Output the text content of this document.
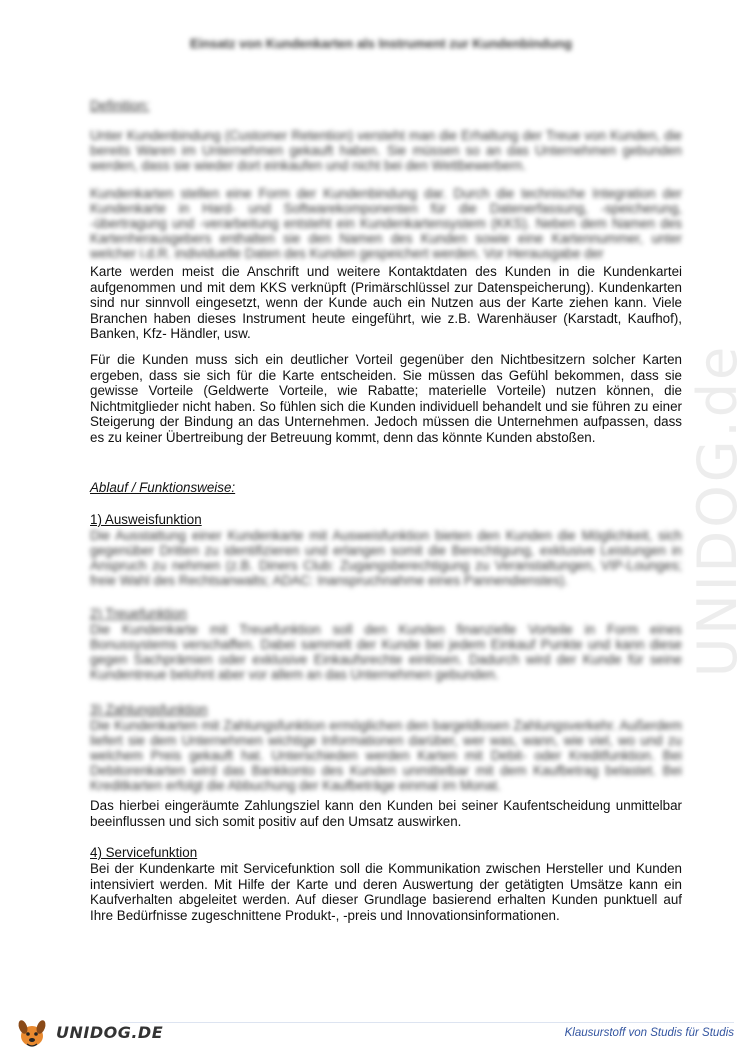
UNIDOG.de
Einsatz von Kundenkarten als Instrument zur Kundenbindung
Definition:
Unter Kundenbindung (Customer Retention) versteht man die Erhaltung der Treue von Kunden, die bereits Waren im Unternehmen gekauft haben. Sie müssen so an das Unternehmen gebunden werden, dass sie wieder dort einkaufen und nicht bei den Wettbewerbern.
Kundenkarten stellen eine Form der Kundenbindung dar. Durch die technische Integration der Kundenkarte in Hard- und Softwarekomponenten für die Datenerfassung, -speicherung, -übertragung und -verarbeitung entsteht ein Kundenkartensystem (KKS). Neben dem Namen des Kartenherausgebers enthalten sie den Namen des Kunden sowie eine Kartennummer, unter welcher i.d.R. individuelle Daten des Kunden gespeichert werden. Vor Herausgabe der
Karte werden meist die Anschrift und weitere Kontaktdaten des Kunden in die Kundenkartei aufgenommen und mit dem KKS verknüpft (Primärschlüssel zur Datenspeicherung). Kundenkarten sind nur sinnvoll eingesetzt, wenn der Kunde auch ein Nutzen aus der Karte ziehen kann. Viele Branchen haben dieses Instrument heute eingeführt, wie z.B. Warenhäuser (Karstadt, Kaufhof), Banken, Kfz- Händler, usw.
Für die Kunden muss sich ein deutlicher Vorteil gegenüber den Nichtbesitzern solcher Karten ergeben, dass sie sich für die Karte entscheiden. Sie müssen das Gefühl bekommen, dass sie gewisse Vorteile (Geldwerte Vorteile, wie Rabatte; materielle Vorteile) nutzen können, die Nichtmitglieder nicht haben. So fühlen sich die Kunden individuell behandelt und sie führen zu einer Steigerung der Bindung an das Unternehmen. Jedoch müssen die Unternehmen aufpassen, dass es zu keiner Übertreibung der Betreuung kommt, denn das könnte Kunden abstoßen.
Ablauf / Funktionsweise:
1) Ausweisfunktion
Die Ausstattung einer Kundenkarte mit Ausweisfunktion bieten den Kunden die Möglichkeit, sich gegenüber Dritten zu identifizieren und erlangen somit die Berechtigung, exklusive Leistungen in Anspruch zu nehmen (z.B. Diners Club: Zugangsberechtigung zu Veranstaltungen, VIP-Lounges; freie Wahl des Rechtsanwalts; ADAC: Inanspruchnahme eines Pannendienstes).
2) Treuefunktion
Die Kundenkarte mit Treuefunktion soll den Kunden finanzielle Vorteile in Form eines Bonussystems verschaffen. Dabei sammelt der Kunde bei jedem Einkauf Punkte und kann diese gegen Sachprämien oder exklusive Einkaufsrechte einlösen. Dadurch wird der Kunde für seine Kundentreue belohnt aber vor allem an das Unternehmen gebunden.
3) Zahlungsfunktion
Die Kundenkarten mit Zahlungsfunktion ermöglichen den bargeldlosen Zahlungsverkehr. Außerdem liefert sie dem Unternehmen wichtige Informationen darüber, wer was, wann, wie viel, wo und zu welchem Preis gekauft hat. Unterschieden werden Karten mit Debit- oder Kreditfunktion. Bei Debitorenkarten wird das Bankkonto des Kunden unmittelbar mit dem Kaufbetrag belastet. Bei Kreditkarten erfolgt die Abbuchung der Kaufbeträge einmal im Monat.
Das hierbei eingeräumte Zahlungsziel kann den Kunden bei seiner Kaufentscheidung unmittelbar beeinflussen und sich somit positiv auf den Umsatz auswirken.
4) Servicefunktion
Bei der Kundenkarte mit Servicefunktion soll die Kommunikation zwischen Hersteller und Kunden intensiviert werden. Mit Hilfe der Karte und deren Auswertung der getätigten Umsätze kann ein Kaufverhalten abgeleitet werden. Auf dieser Grundlage basierend erhalten Kunden punktuell auf Ihre Bedürfnisse zugeschnittene Produkt-, -preis und Innovationsinformationen.
UNIDOG.DE	Klausurstoff von Studis für Studis
